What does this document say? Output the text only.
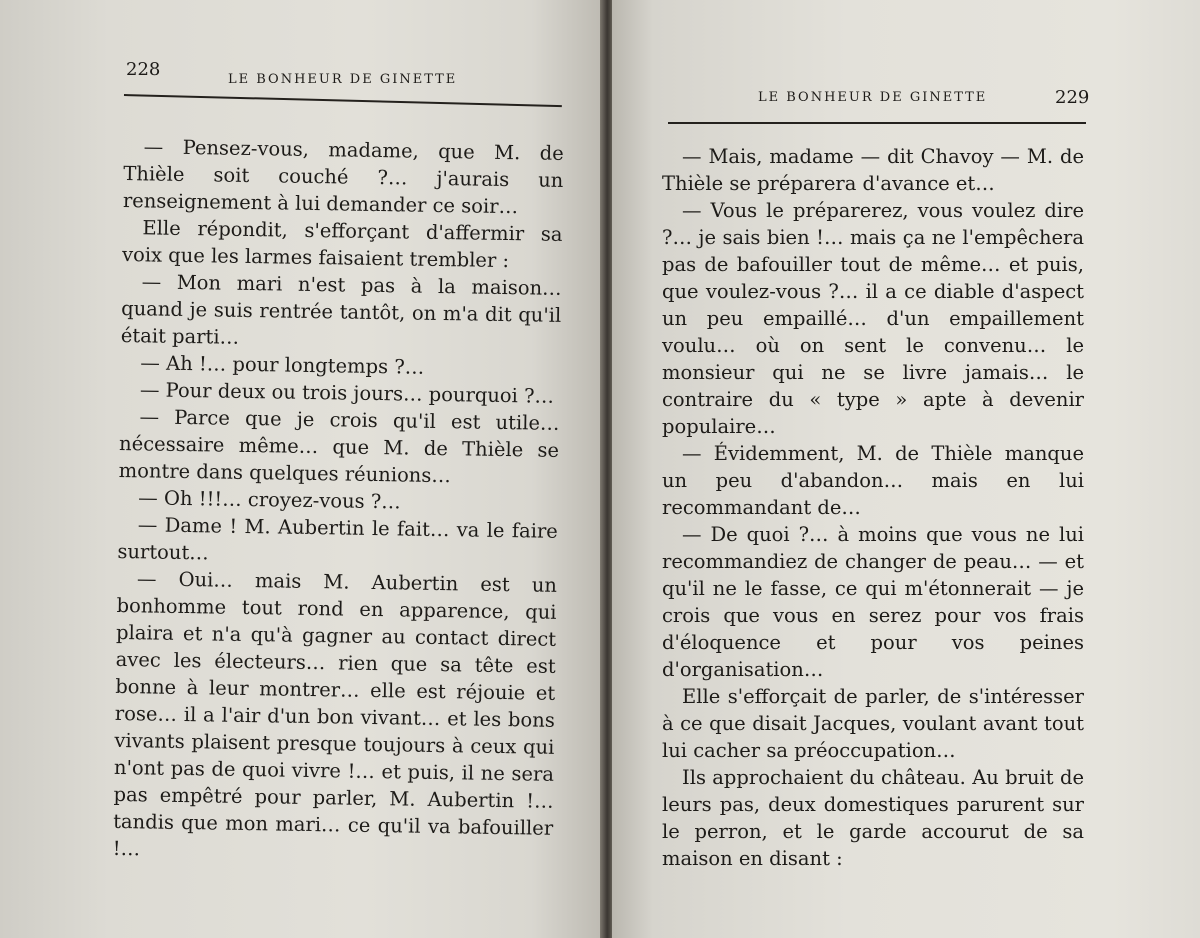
228	LE BONHEUR DE GINETTE

— Pensez-vous, madame, que M. de Thièle soit couché ?… j'aurais un renseignement à lui demander ce soir…

Elle répondit, s'efforçant d'affermir sa voix que les larmes faisaient trembler :

— Mon mari n'est pas à la maison… quand je suis rentrée tantôt, on m'a dit qu'il était parti…

— Ah !… pour longtemps ?…

— Pour deux ou trois jours… pourquoi ?…

— Parce que je crois qu'il est utile… nécessaire même… que M. de Thièle se montre dans quelques réunions…

— Oh !!!… croyez-vous ?…

— Dame ! M. Aubertin le fait… va le faire surtout…

— Oui… mais M. Aubertin est un bonhomme tout rond en apparence, qui plaira et n'a qu'à gagner au contact direct avec les électeurs… rien que sa tête est bonne à leur montrer… elle est réjouie et rose… il a l'air d'un bon vivant… et les bons vivants plaisent presque toujours à ceux qui n'ont pas de quoi vivre !… et puis, il ne sera pas empêtré pour parler, M. Aubertin !… tandis que mon mari… ce qu'il va bafouiller !…

LE BONHEUR DE GINETTE	229

— Mais, madame — dit Chavoy — M. de Thièle se préparera d'avance et…

— Vous le préparerez, vous voulez dire ?… je sais bien !… mais ça ne l'empêchera pas de bafouiller tout de même… et puis, que voulez-vous ?… il a ce diable d'aspect un peu empaillé… d'un empaillement voulu… où on sent le convenu… le monsieur qui ne se livre jamais… le contraire du « type » apte à devenir populaire…

— Évidemment, M. de Thièle manque un peu d'abandon… mais en lui recommandant de…

— De quoi ?… à moins que vous ne lui recommandiez de changer de peau… — et qu'il ne le fasse, ce qui m'étonnerait — je crois que vous en serez pour vos frais d'éloquence et pour vos peines d'organisation…

Elle s'efforçait de parler, de s'intéresser à ce que disait Jacques, voulant avant tout lui cacher sa préoccupation…

Ils approchaient du château. Au bruit de leurs pas, deux domestiques parurent sur le perron, et le garde accourut de sa maison en disant :
